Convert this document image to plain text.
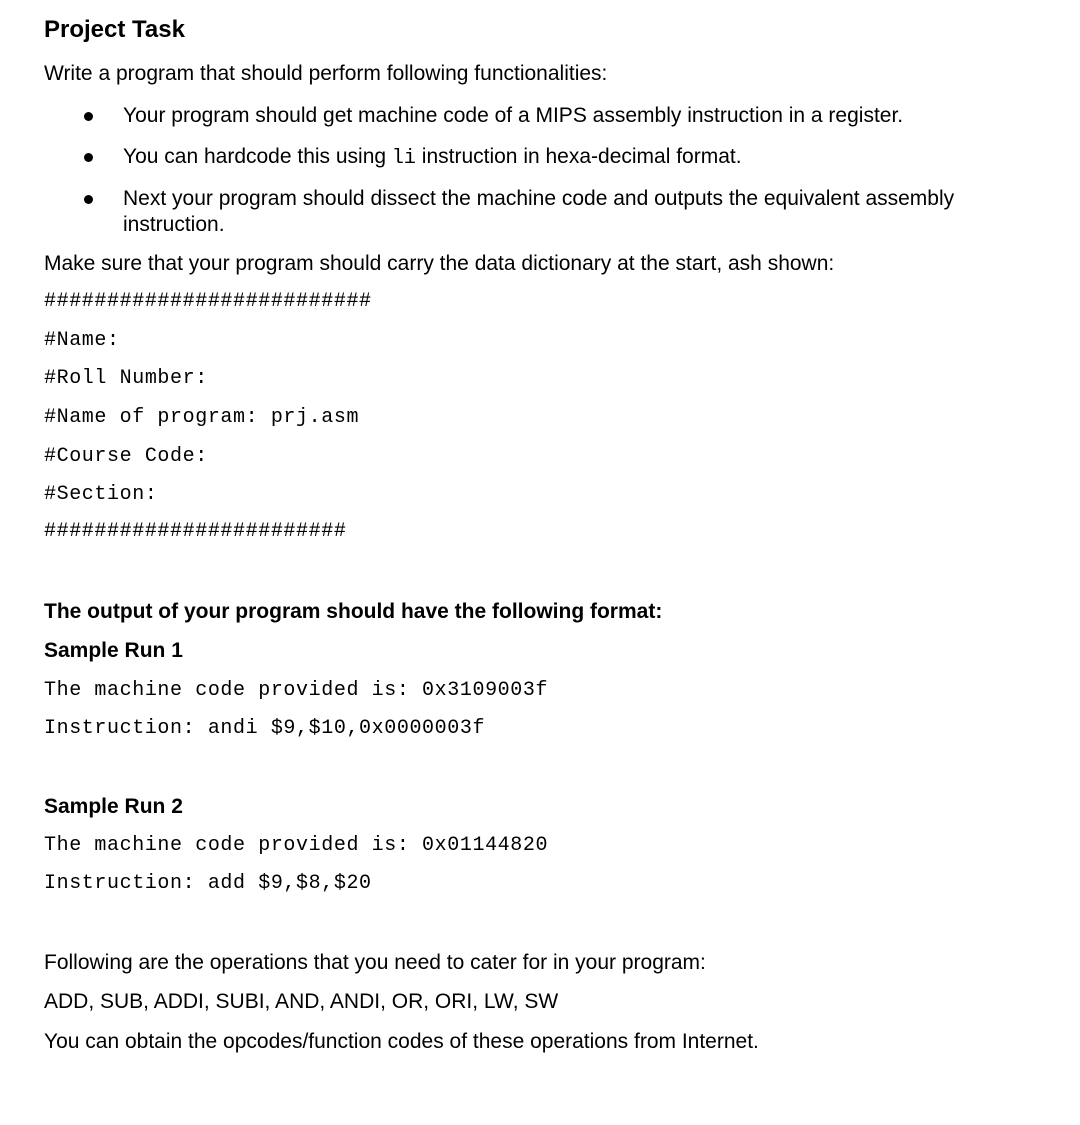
Project Task
Write a program that should perform following functionalities:
Your program should get machine code of a MIPS assembly instruction in a register.
You can hardcode this using li instruction in hexa-decimal format.
Next your program should dissect the machine code and outputs the equivalent assembly instruction.
Make sure that your program should carry the data dictionary at the start, ash shown:
##########################
#Name:
#Roll Number:
#Name of program: prj.asm
#Course Code:
#Section:
########################
The output of your program should have the following format:
Sample Run 1
The machine code provided is: 0x3109003f
Instruction: andi $9,$10,0x0000003f
Sample Run 2
The machine code provided is: 0x01144820
Instruction: add $9,$8,$20
Following are the operations that you need to cater for in your program:
ADD, SUB, ADDI, SUBI, AND, ANDI, OR, ORI, LW, SW
You can obtain the opcodes/function codes of these operations from Internet.
